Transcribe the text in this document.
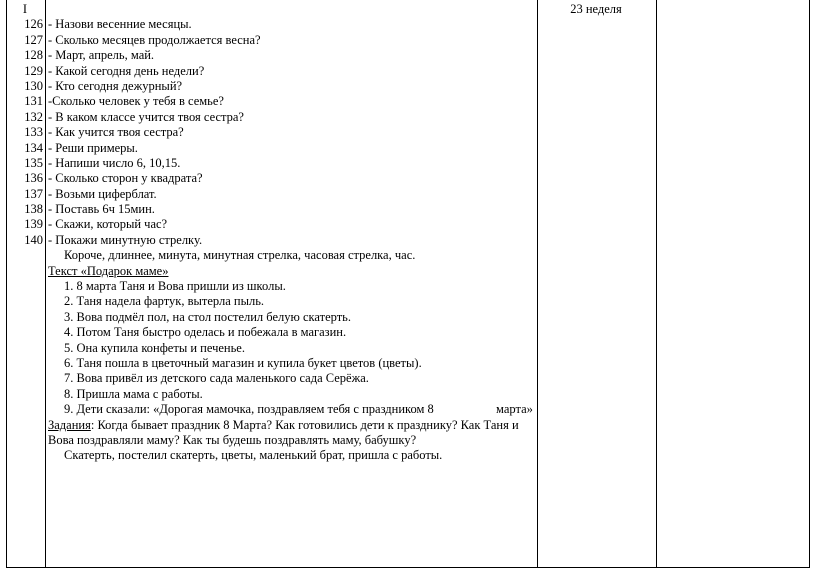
I
126
127
128
129
130
131
132
133
134
135
136
137
138
139
140
- Назови весенние месяцы.
- Сколько месяцев продолжается весна?
- Март, апрель, май.
- Какой сегодня день недели?
- Кто сегодня дежурный?
-Сколько человек у тебя в семье?
- В каком классе учится твоя сестра?
- Как учится твоя сестра?
- Реши примеры.
- Напиши число 6, 10,15.
- Сколько сторон у квадрата?
- Возьми циферблат.
- Поставь 6ч 15мин.
- Скажи, который час?
- Покажи минутную стрелку.
Короче, длиннее, минута, минутная стрелка, часовая стрелка, час.
Текст «Подарок маме»
1. 8 марта Таня и Вова пришли из школы.
2. Таня надела фартук, вытерла пыль.
3. Вова подмёл пол, на стол постелил белую скатерть.
4. Потом Таня быстро оделась и побежала в магазин.
5. Она купила конфеты и печенье.
6. Таня пошла в цветочный магазин и купила букет цветов (цветы).
7. Вова привёл из детского сада маленького сада Серёжа.
8. Пришла мама с работы.
9. Дети сказали: «Дорогая мамочка, поздравляем тебя с праздником 8	марта»
Задания: Когда бывает праздник 8 Марта? Как готовились дети к празднику? Как Таня и
Вова поздравляли маму? Как ты будешь поздравлять маму, бабушку?
Скатерть, постелил скатерть, цветы, маленький брат, пришла с работы.
23 неделя
